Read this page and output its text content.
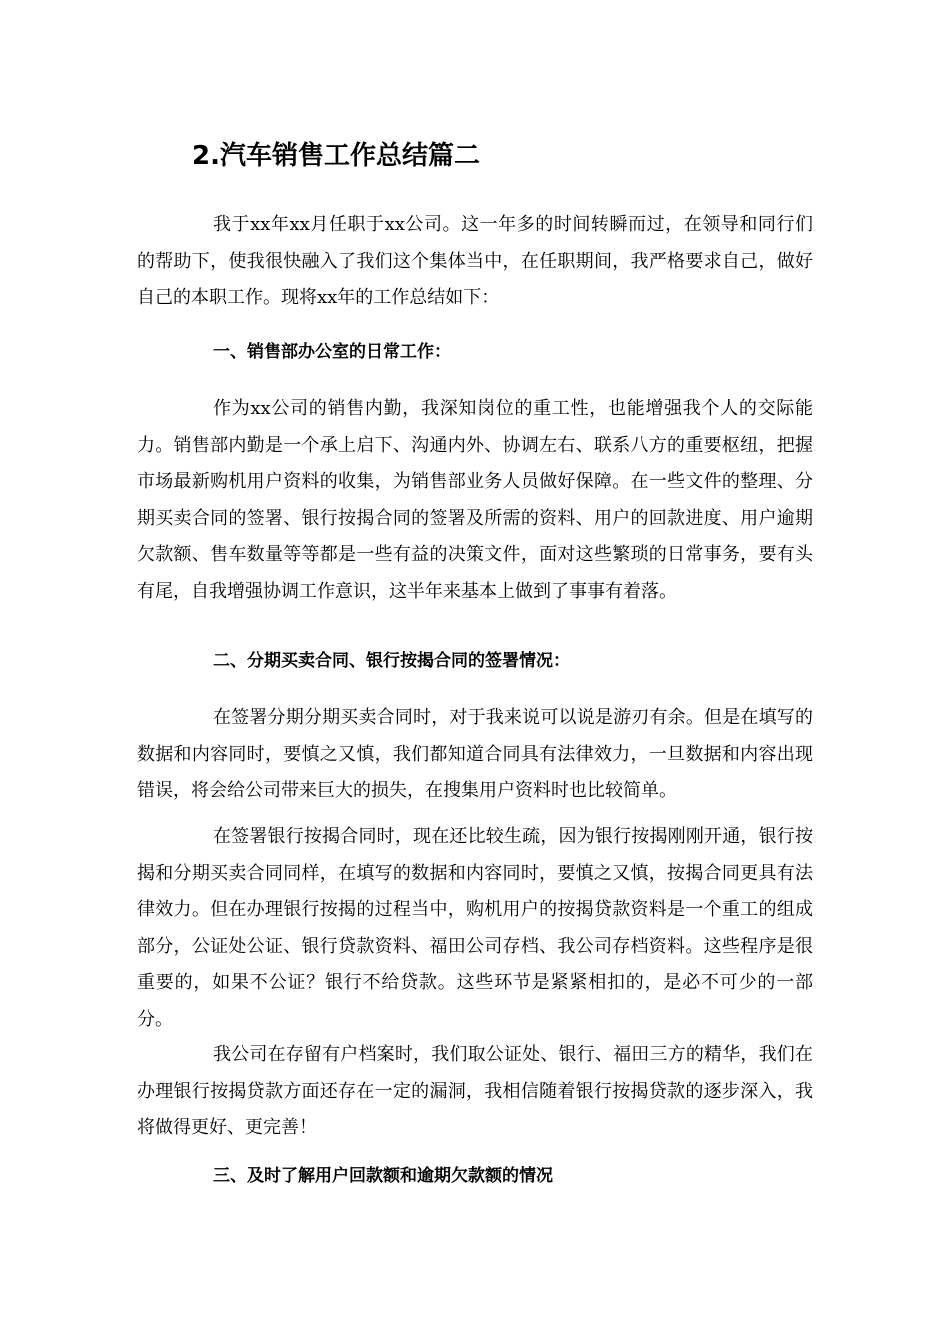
2.汽车销售工作总结篇二

我于xx年xx月任职于xx公司。这一年多的时间转瞬而过，在领导和同行们的帮助下，使我很快融入了我们这个集体当中，在任职期间，我严格要求自己，做好自己的本职工作。现将xx年的工作总结如下：

一、销售部办公室的日常工作：

作为xx公司的销售内勤，我深知岗位的重工性，也能增强我个人的交际能力。销售部内勤是一个承上启下、沟通内外、协调左右、联系八方的重要枢纽，把握市场最新购机用户资料的收集，为销售部业务人员做好保障。在一些文件的整理、分期买卖合同的签署、银行按揭合同的签署及所需的资料、用户的回款进度、用户逾期欠款额、售车数量等等都是一些有益的决策文件，面对这些繁琐的日常事务，要有头有尾，自我增强协调工作意识，这半年来基本上做到了事事有着落。

二、分期买卖合同、银行按揭合同的签署情况：

在签署分期分期买卖合同时，对于我来说可以说是游刃有余。但是在填写的数据和内容同时，要慎之又慎，我们都知道合同具有法律效力，一旦数据和内容出现错误，将会给公司带来巨大的损失，在搜集用户资料时也比较简单。

在签署银行按揭合同时，现在还比较生疏，因为银行按揭刚刚开通，银行按揭和分期买卖合同同样，在填写的数据和内容同时，要慎之又慎，按揭合同更具有法律效力。但在办理银行按揭的过程当中，购机用户的按揭贷款资料是一个重工的组成部分，公证处公证、银行贷款资料、福田公司存档、我公司存档资料。这些程序是很重要的，如果不公证？银行不给贷款。这些环节是紧紧相扣的，是必不可少的一部分。

我公司在存留有户档案时，我们取公证处、银行、福田三方的精华，我们在办理银行按揭贷款方面还存在一定的漏洞，我相信随着银行按揭贷款的逐步深入，我将做得更好、更完善！

三、及时了解用户回款额和逾期欠款额的情况
